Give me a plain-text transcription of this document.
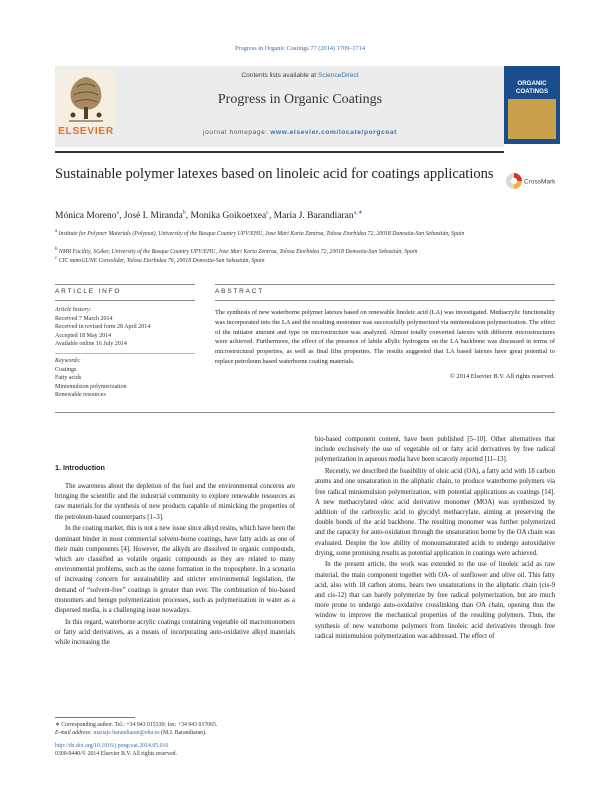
Progress in Organic Coatings 77 (2014) 1709–1714
ELSEVIER
Contents lists available at ScienceDirect
Progress in Organic Coatings
journal homepage: www.elsevier.com/locate/porgcoat
ORGANIC
COATINGS
Sustainable polymer latexes based on linoleic acid for coatings applications	CrossMark
Mónica Moreno$^a$, José I. Miranda$^b$, Monika Goikoetxea$^c$, María J. Barandiaran$^{a,∗}$
$^a$ Institute for Polymer Materials (Polymat), University of the Basque Country UPV/EHU, Joxe Mari Korta Zentroa, Tolosa Etorbidea 72, 20018 Donostia-San Sebastián, Spain
$^b$ NMR Facility, SGiker, University of the Basque Country UPV/EHU, Joxe Mari Korta Zentroa, Tolosa Etorbidea 72, 20018 Donostia-San Sebastián, Spain
$^c$ CIC nanoGUNE Consolider, Tolosa Etorbidea 76, 20018 Donostia-San Sebastián, Spain
ARTICLE INFO	ABSTRACT
Article history:
Received 7 March 2014
Received in revised form 28 April 2014
Accepted 18 May 2014
Available online 16 July 2014
Keywords:
Coatings
Fatty acids
Miniemulsion polymerization
Renewable resources
The synthesis of new waterborne polymer latexes based on renewable linoleic acid (LA) was investigated. Methacrylic functionality was incorporated into the LA and the resulting monomer was successfully polymerized via miniemulsion polymerization. The effect of the initiator amount and type on microstructure was analyzed. Almost totally converted latexes with different microstructures were achieved. Furthermore, the effect of the presence of labile allylic hydrogens on the LA backbone was discussed in terms of microstructural properties, as well as final film properties. The results suggested that LA based latexes have great potential to replace petroleum based waterborne coating materials.
© 2014 Elsevier B.V. All rights reserved.
1. Introduction

The awareness about the depletion of the fuel and the environmental concerns are bringing the scientific and the industrial community to explore renewable resources as raw materials for the synthesis of new products capable of mimicking the properties of the petroleum-based counterparts [1–3].

In the coating market, this is not a new issue since alkyd resins, which have been the dominant binder in most commercial solvent-borne coatings, have fatty acids as one of their main components [4]. However, the alkyds are dissolved in organic compounds, which are classified as volatile organic compounds as they are related to many environmental problems, such as the ozone formation in the troposphere. In a scenario of increasing concern for sustainability and stricter environmental legislation, the demand of “solvent-free” coatings is greater than ever. The combination of bio-based monomers and benign polymerization processes, such as polymerization in water as a dispersed media, is a challenging issue nowadays.

In this regard, waterborne acrylic coatings containing vegetable oil macromonomers or fatty acid derivatives, as a means of incorporating auto-oxidative alkyd materials while increasing the

bio-based component content, have been published [5–10]. Other alternatives that include exclusively the use of vegetable oil or fatty acid derivatives by free radical polymerization in aqueous media have been scarcely reported [11–13].

Recently, we described the feasibility of oleic acid (OA), a fatty acid with 18 carbon atoms and one unsaturation in the aliphatic chain, to produce waterborne polymers via free radical miniemulsion polymerization, with potential applications as coatings [14]. A new methacrylated oleic acid derivative monomer (MOA) was synthesized by addition of the carboxylic acid to glycidyl methacrylate, aiming at preserving the double bonds of the acid backbone. The resulting monomer was further polymerized and the capacity for auto-oxidation through the unsaturation borne by the OA chain was evaluated. Despite the low ability of monounsaturated acids to undergo autoxidative drying, some promising results as potential application in coatings were achieved.

In the present article, the work was extended to the use of linoleic acid as raw material, the main component together with OA- of sunflower and olive oil. This fatty acid, also with 18 carbon atoms, bears two unsaturations in the aliphatic chain (cis-9 and cis-12) that can barely polymerize by free radical polymerization, but are much more prone to undergo auto-oxidative crosslinking than OA chain, opening thus the window to improve the mechanical properties of the resulting polymers. Thus, the synthesis of new waterborne polymers from linoleic acid derivatives through free radical miniemulsion polymerization was addressed. The effect of

∗ Corresponding author. Tel.: +34 943 015330; fax: +34 943 017065.
E-mail address: mariaje.barandiaran@ehu.es (M.J. Barandiaran).
http://dx.doi.org/10.1016/j.porgcoat.2014.05.016
0300-9440/© 2014 Elsevier B.V. All rights reserved.
